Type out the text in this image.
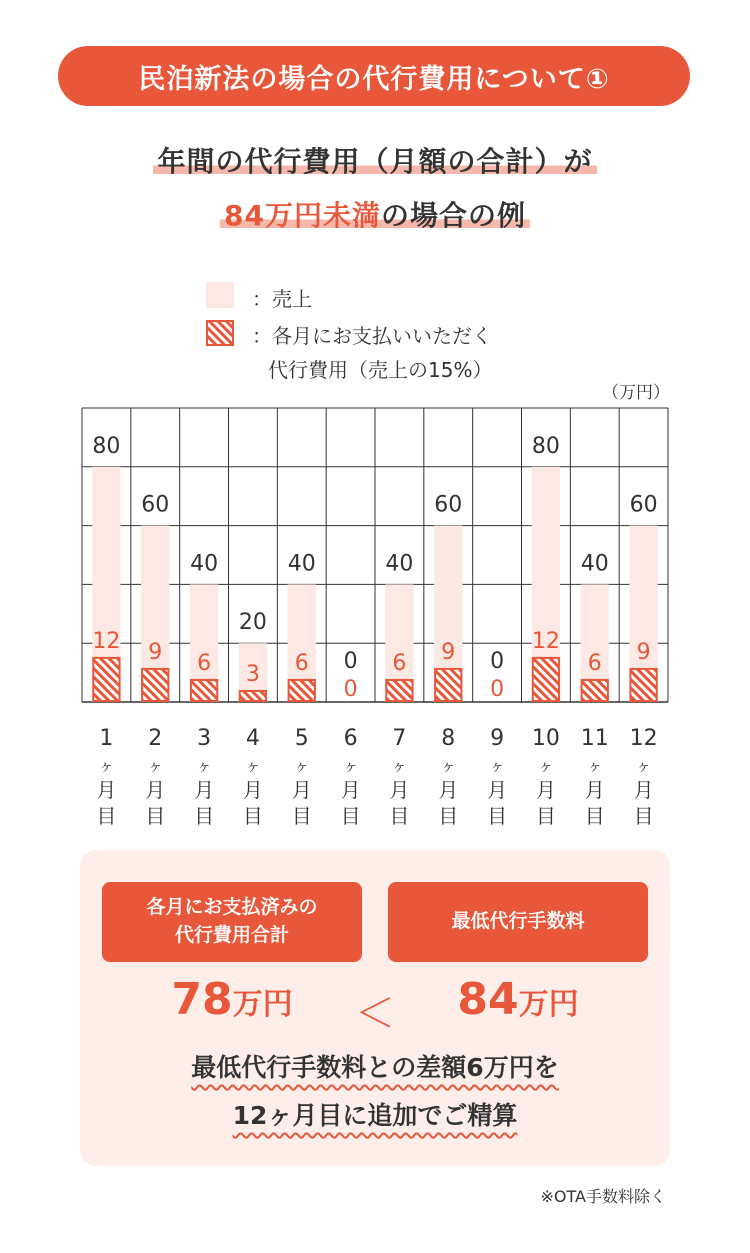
民泊新法の場合の代行費用について①
年間の代行費用（月額の合計）が
84万円未満の場合の例
：売上
：各月にお支払いいただく
代行費用（売上の15%）
（万円）
80
12
1
ヶ
月
目
60
9
2
ヶ
月
目
40
6
3
ヶ
月
目
20
3
4
ヶ
月
目
40
6
5
ヶ
月
目
0
0
6
ヶ
月
目
40
6
7
ヶ
月
目
60
9
8
ヶ
月
目
0
0
9
ヶ
月
目
80
12
10
ヶ
月
目
40
6
11
ヶ
月
目
60
9
12
ヶ
月
目
各月にお支払済みの
代行費用合計
最低代行手数料
78万円	＜	84万円
最低代行手数料との差額6万円を
12ヶ月目に追加でご精算
※OTA手数料除く
